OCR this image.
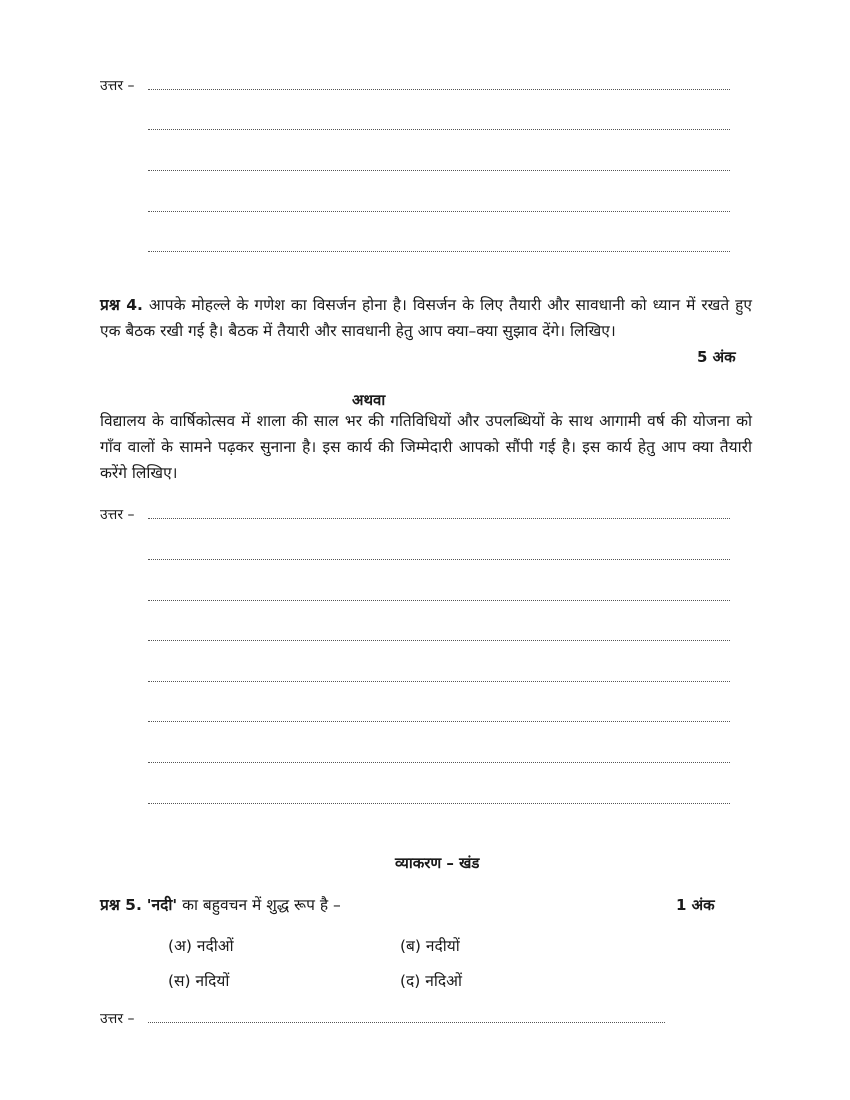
उत्तर –
प्रश्न 4. आपके मोहल्ले के गणेश का विसर्जन होना है। विसर्जन के लिए तैयारी और सावधानी को ध्यान में रखते हुए एक बैठक रखी गई है। बैठक में तैयारी और सावधानी हेतु आप क्या–क्या सुझाव देंगे। लिखिए।
5 अंक
अथवा
विद्यालय के वार्षिकोत्सव में शाला की साल भर की गतिविधियों और उपलब्धियों के साथ आगामी वर्ष की योजना को गाँव वालों के सामने पढ़कर सुनाना है। इस कार्य की जिम्मेदारी आपको सौंपी गई है। इस कार्य हेतु आप क्या तैयारी करेंगे लिखिए।
उत्तर –
व्याकरण – खंड
प्रश्न 5. 'नदी' का बहुवचन में शुद्ध रूप है –	1 अंक
(अ) नदीओं	(ब) नदीयों
(स) नदियों	(द) नदिओं
उत्तर –
